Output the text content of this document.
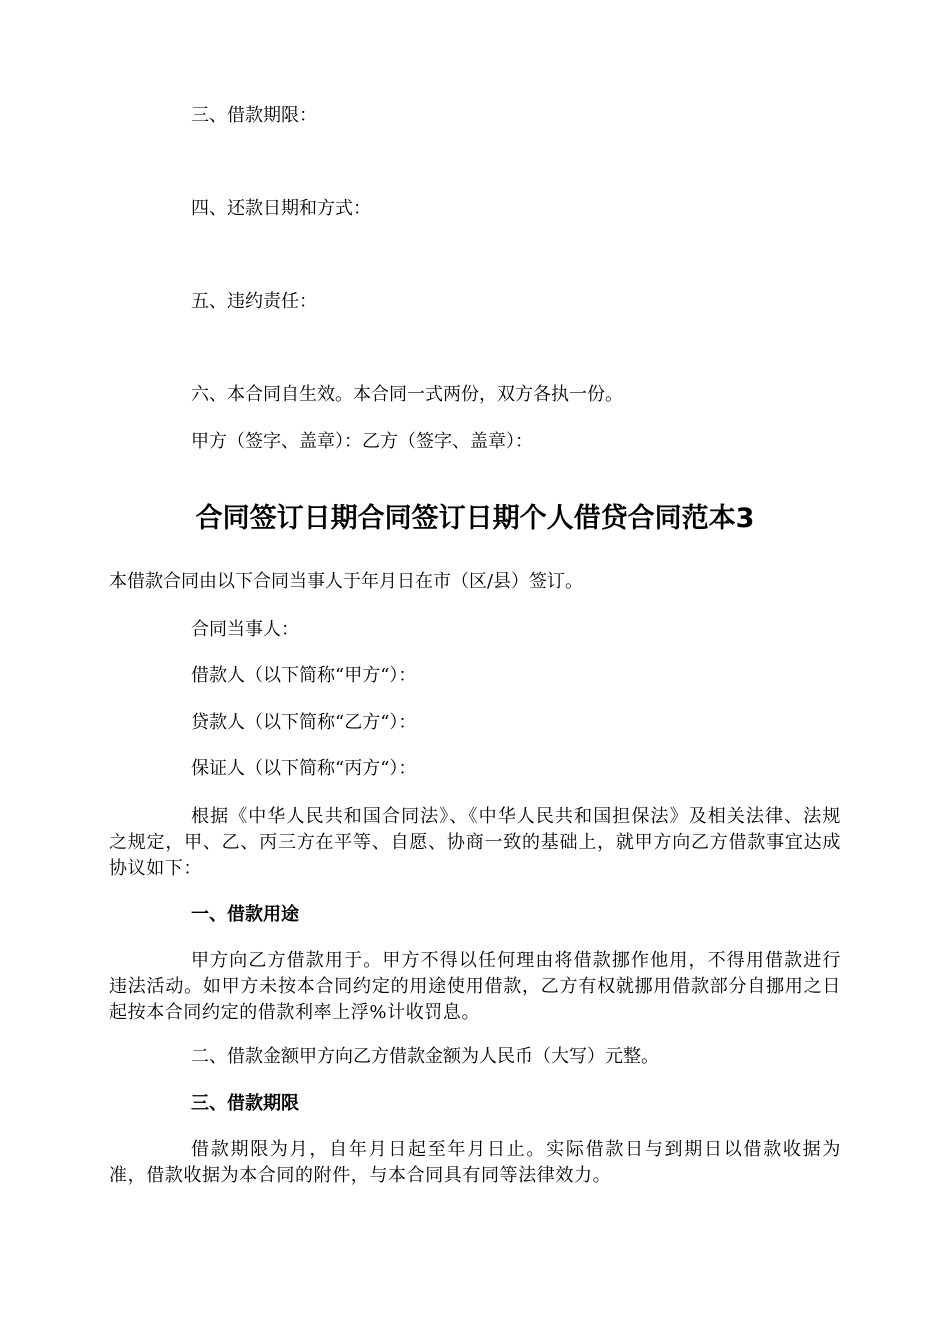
三、借款期限：

四、还款日期和方式：

五、违约责任：

六、本合同自生效。本合同一式两份，双方各执一份。

甲方（签字、盖章）：乙方（签字、盖章）：

合同签订日期合同签订日期个人借贷合同范本3

本借款合同由以下合同当事人于年月日在市（区/县）签订。

合同当事人：

借款人（以下简称“甲方“）：

贷款人（以下简称“乙方“）：

保证人（以下简称“丙方“）：

根据《中华人民共和国合同法》、《中华人民共和国担保法》及相关法律、法规之规定，甲、乙、丙三方在平等、自愿、协商一致的基础上，就甲方向乙方借款事宜达成协议如下：

一、借款用途

甲方向乙方借款用于。甲方不得以任何理由将借款挪作他用，不得用借款进行违法活动。如甲方未按本合同约定的用途使用借款，乙方有权就挪用借款部分自挪用之日起按本合同约定的借款利率上浮%计收罚息。

二、借款金额甲方向乙方借款金额为人民币（大写）元整。

三、借款期限

借款期限为月，自年月日起至年月日止。实际借款日与到期日以借款收据为准，借款收据为本合同的附件，与本合同具有同等法律效力。
